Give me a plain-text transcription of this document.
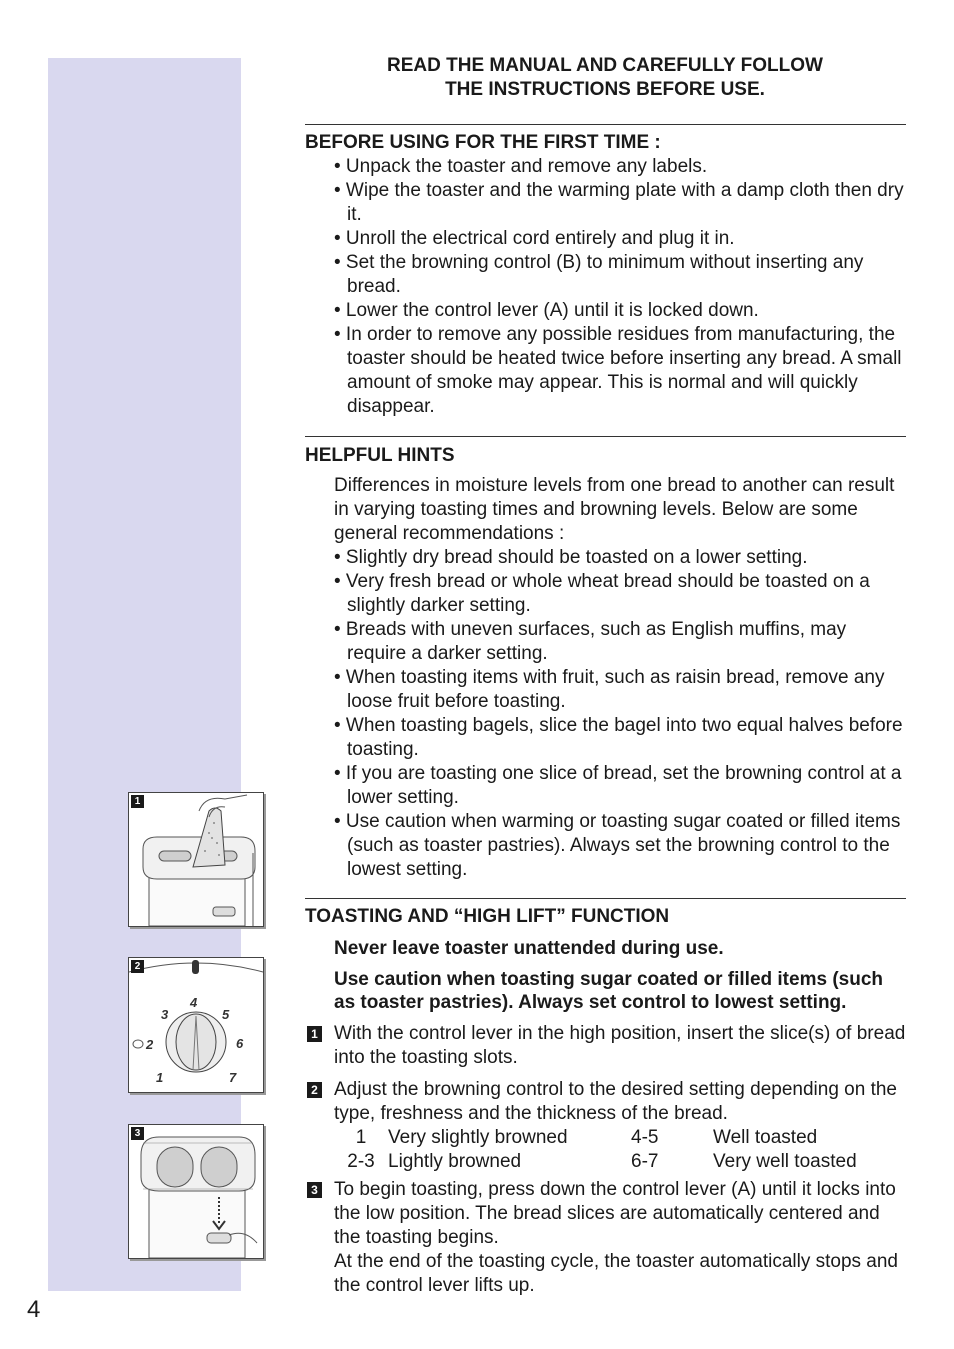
4
READ THE MANUAL AND CAREFULLY FOLLOW
THE INSTRUCTIONS BEFORE USE.
BEFORE USING FOR THE FIRST TIME :
• Unpack the toaster and remove any labels.
• Wipe the toaster and the warming plate with a damp cloth then dry it.
• Unroll the electrical cord entirely and plug it in.
• Set the browning control (B) to minimum without inserting any bread.
• Lower the control lever (A) until it is locked down.
• In order to remove any possible residues from manufacturing, the toaster should be heated twice before inserting any bread. A small amount of smoke may appear. This is normal and will quickly disappear.
HELPFUL HINTS
Differences in moisture levels from one bread to another can result in varying toasting times and browning levels. Below are some general recommendations :
• Slightly dry bread should be toasted on a lower setting.
• Very fresh bread or whole wheat bread should be toasted on a slightly darker setting.
• Breads with uneven surfaces, such as English muffins, may require a darker setting.
• When toasting items with fruit, such as raisin bread, remove any loose fruit before toasting.
• When toasting bagels, slice the bagel into two equal halves before toasting.
• If you are toasting one slice of bread, set the browning control at a lower setting.
• Use caution when warming or toasting sugar coated or filled items (such as toaster pastries). Always set the browning control to the lowest setting.
TOASTING AND “HIGH LIFT” FUNCTION
Never leave toaster unattended during use.
Use caution when toasting sugar coated or filled items (such as toaster pastries). Always set control to lowest setting.
1 With the control lever in the high position, insert the slice(s) of bread into the toasting slots.
2 Adjust the browning control to the desired setting depending on the type, freshness and the thickness of the bread.
1	Very slightly browned	4-5	Well toasted
2-3	Lightly browned	6-7	Very well toasted
3 To begin toasting, press down the control lever (A) until it locks into the low position. The bread slices are automatically centered and the toasting begins.
At the end of the toasting cycle, the toaster automatically stops and the control lever lifts up.
1
1
2
3
4
5
6
7
2
3
